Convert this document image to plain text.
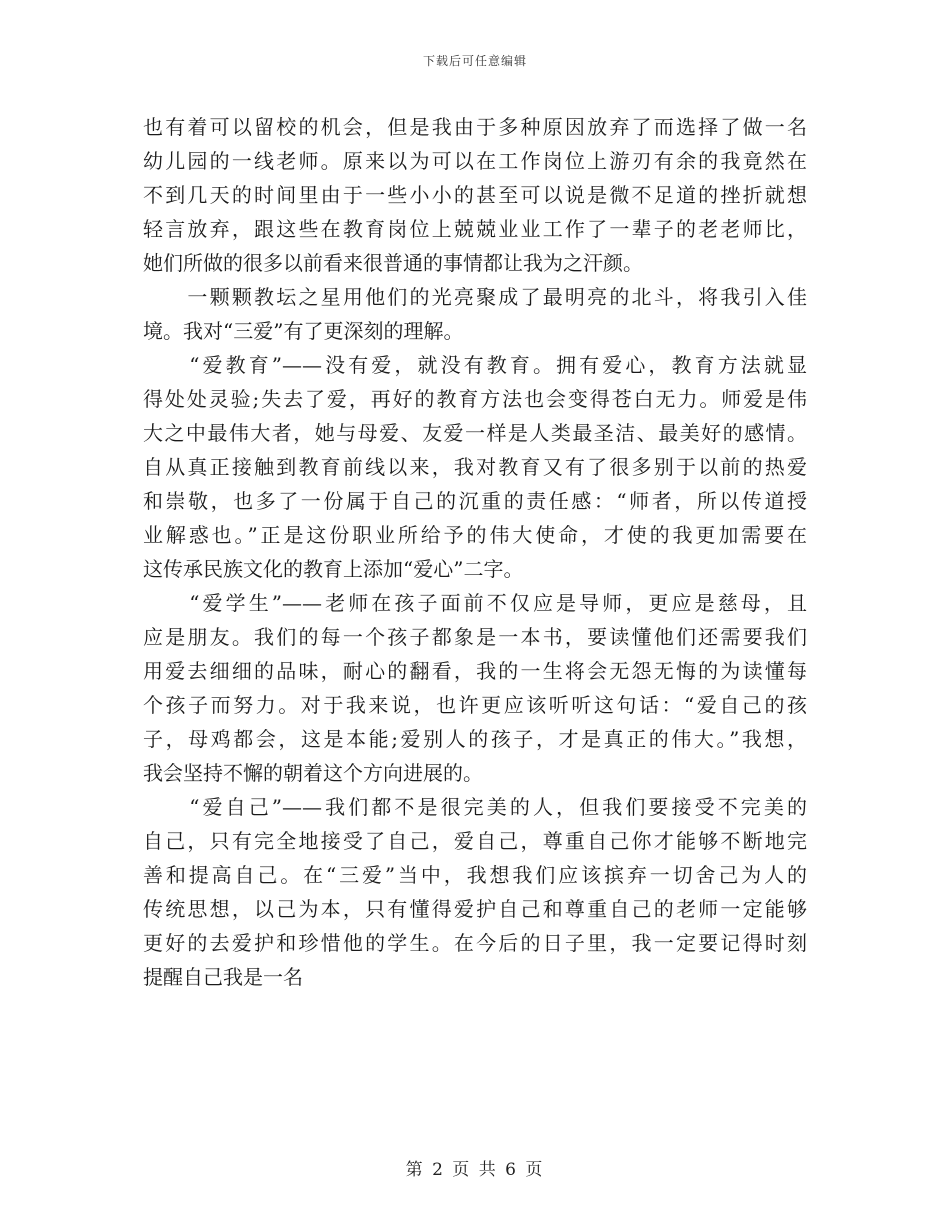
下载后可任意编辑
也有着可以留校的机会，但是我由于多种原因放弃了而选择了做一名
幼儿园的一线老师。原来以为可以在工作岗位上游刃有余的我竟然在
不到几天的时间里由于一些小小的甚至可以说是微不足道的挫折就想
轻言放弃，跟这些在教育岗位上兢兢业业工作了一辈子的老老师比，
她们所做的很多以前看来很普通的事情都让我为之汗颜。
　　一颗颗教坛之星用他们的光亮聚成了最明亮的北斗，将我引入佳
境。我对“三爱”有了更深刻的理解。
　　“爱教育”——没有爱，就没有教育。拥有爱心，教育方法就显
得处处灵验;失去了爱，再好的教育方法也会变得苍白无力。师爱是伟
大之中最伟大者，她与母爱、友爱一样是人类最圣洁、最美好的感情。
自从真正接触到教育前线以来，我对教育又有了很多别于以前的热爱
和崇敬，也多了一份属于自己的沉重的责任感：“师者，所以传道授
业解惑也。”正是这份职业所给予的伟大使命，才使的我更加需要在
这传承民族文化的教育上添加“爱心”二字。
　　“爱学生”——老师在孩子面前不仅应是导师，更应是慈母，且
应是朋友。我们的每一个孩子都象是一本书，要读懂他们还需要我们
用爱去细细的品味，耐心的翻看，我的一生将会无怨无悔的为读懂每
个孩子而努力。对于我来说，也许更应该听听这句话：“爱自己的孩
子，母鸡都会，这是本能;爱别人的孩子，才是真正的伟大。”我想，
我会坚持不懈的朝着这个方向进展的。
　　“爱自己”——我们都不是很完美的人，但我们要接受不完美的
自己，只有完全地接受了自己，爱自己，尊重自己你才能够不断地完
善和提高自己。在“三爱”当中，我想我们应该摈弃一切舍己为人的
传统思想，以己为本，只有懂得爱护自己和尊重自己的老师一定能够
更好的去爱护和珍惜他的学生。在今后的日子里，我一定要记得时刻
提醒自己我是一名
第 2 页 共 6 页
